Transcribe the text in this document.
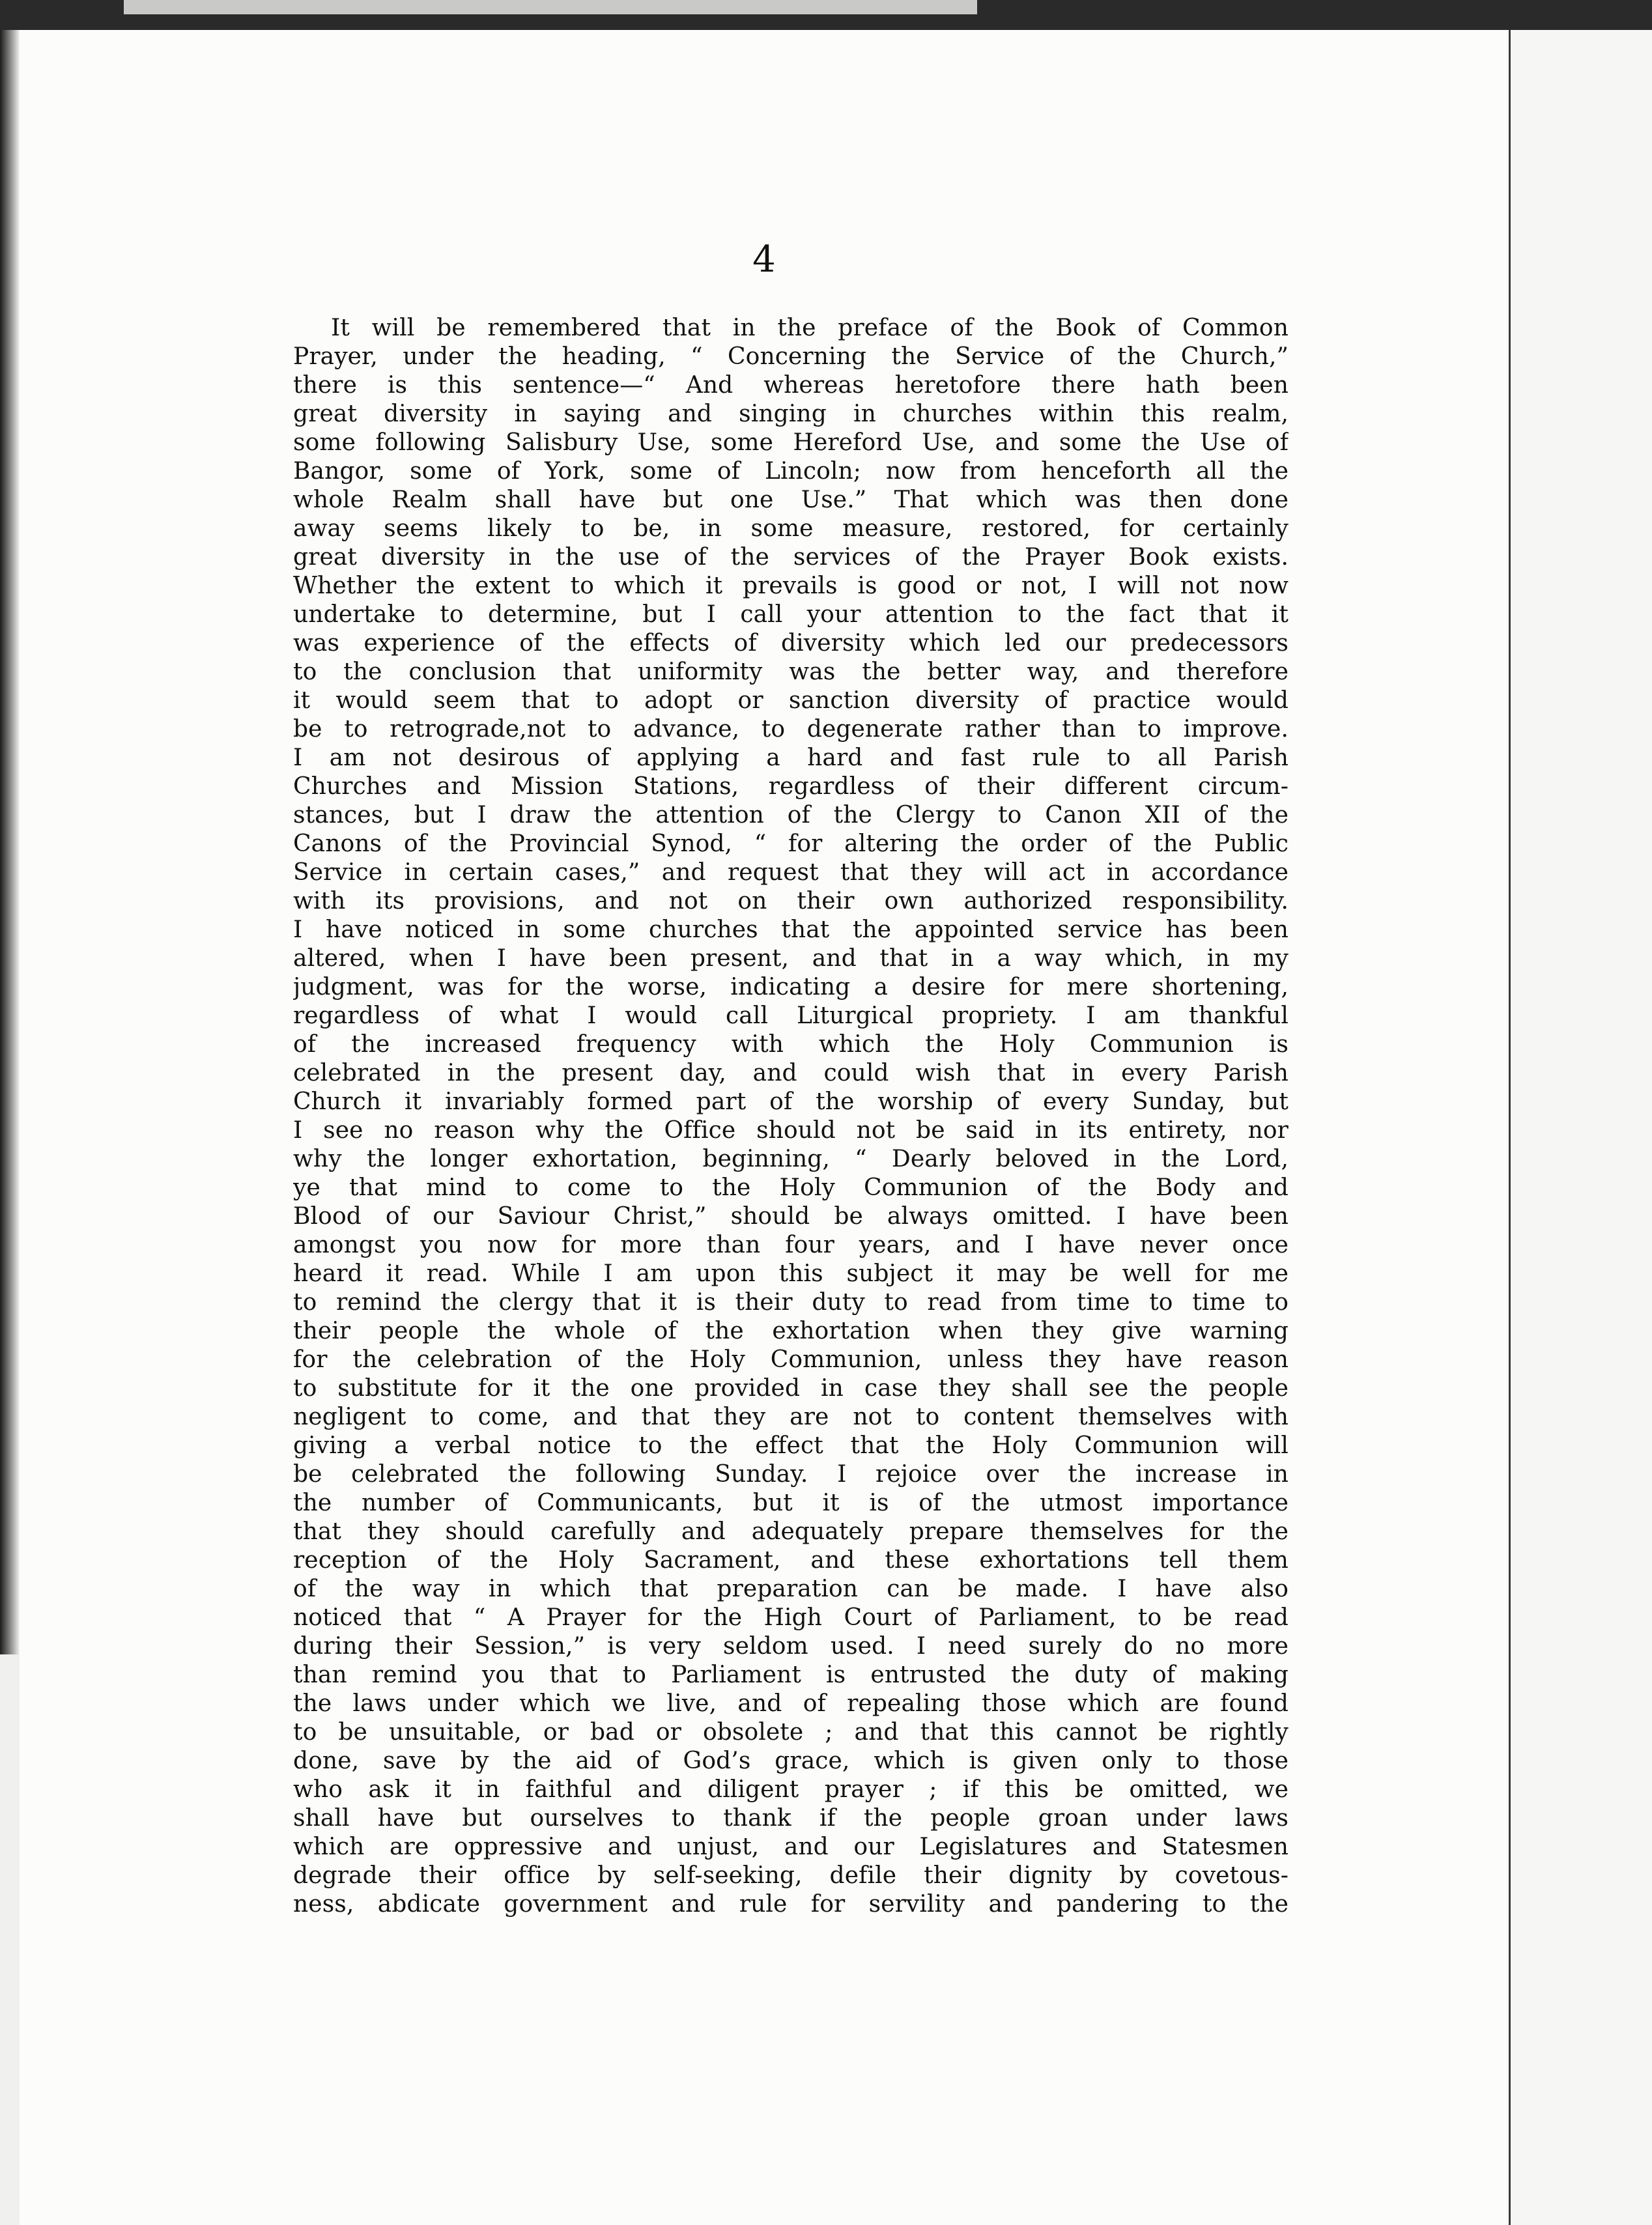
4
It will be remembered that in the preface of the Book of Common
Prayer, under the heading, “ Concerning the Service of the Church,”
there is this sentence—“ And whereas heretofore there hath been
great diversity in saying and singing in churches within this realm,
some following Salisbury Use, some Hereford Use, and some the Use of
Bangor, some of York, some of Lincoln; now from henceforth all the
whole Realm shall have but one Use.” That which was then done
away seems likely to be, in some measure, restored, for certainly
great diversity in the use of the services of the Prayer Book exists.
Whether the extent to which it prevails is good or not, I will not now
undertake to determine, but I call your attention to the fact that it
was experience of the effects of diversity which led our predecessors
to the conclusion that uniformity was the better way, and therefore
it would seem that to adopt or sanction diversity of practice would
be to retrograde,not to advance, to degenerate rather than to improve.
I am not desirous of applying a hard and fast rule to all Parish
Churches and Mission Stations, regardless of their different circum-
stances, but I draw the attention of the Clergy to Canon XII of the
Canons of the Provincial Synod, “ for altering the order of the Public
Service in certain cases,” and request that they will act in accordance
with its provisions, and not on their own authorized responsibility.
I have noticed in some churches that the appointed service has been
altered, when I have been present, and that in a way which, in my
judgment, was for the worse, indicating a desire for mere shortening,
regardless of what I would call Liturgical propriety. I am thankful
of the increased frequency with which the Holy Communion is
celebrated in the present day, and could wish that in every Parish
Church it invariably formed part of the worship of every Sunday, but
I see no reason why the Office should not be said in its entirety, nor
why the longer exhortation, beginning, “ Dearly beloved in the Lord,
ye that mind to come to the Holy Communion of the Body and
Blood of our Saviour Christ,” should be always omitted. I have been
amongst you now for more than four years, and I have never once
heard it read. While I am upon this subject it may be well for me
to remind the clergy that it is their duty to read from time to time to
their people the whole of the exhortation when they give warning
for the celebration of the Holy Communion, unless they have reason
to substitute for it the one provided in case they shall see the people
negligent to come, and that they are not to content themselves with
giving a verbal notice to the effect that the Holy Communion will
be celebrated the following Sunday. I rejoice over the increase in
the number of Communicants, but it is of the utmost importance
that they should carefully and adequately prepare themselves for the
reception of the Holy Sacrament, and these exhortations tell them
of the way in which that preparation can be made. I have also
noticed that “ A Prayer for the High Court of Parliament, to be read
during their Session,” is very seldom used. I need surely do no more
than remind you that to Parliament is entrusted the duty of making
the laws under which we live, and of repealing those which are found
to be unsuitable, or bad or obsolete ; and that this cannot be rightly
done, save by the aid of God’s grace, which is given only to those
who ask it in faithful and diligent prayer ; if this be omitted, we
shall have but ourselves to thank if the people groan under laws
which are oppressive and unjust, and our Legislatures and Statesmen
degrade their office by self-seeking, defile their dignity by covetous-
ness, abdicate government and rule for servility and pandering to the
